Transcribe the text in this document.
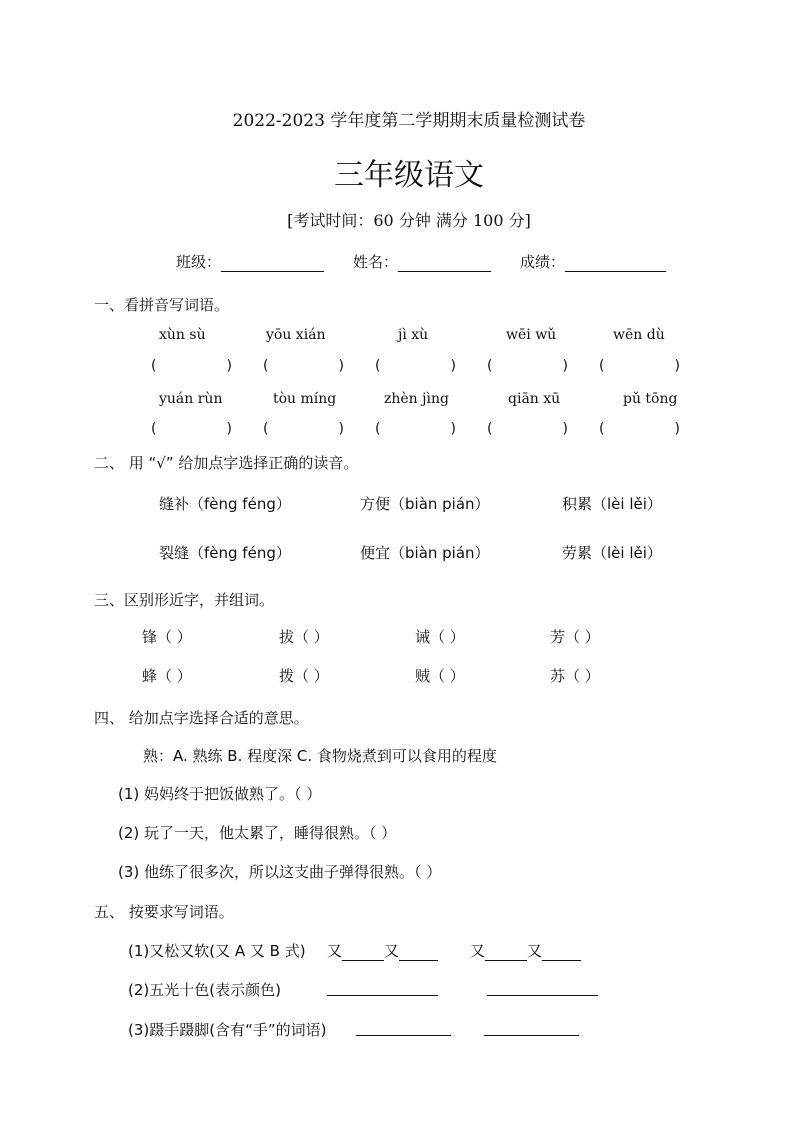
2022-2023 学年度第二学期期末质量检测试卷
三年级语文
[考试时间：60 分钟 满分 100 分]
班级：	姓名：	成绩：
一、看拼音写词语。
xùn sù	yōu xián	jì xù	wēi wǔ	wēn dù
(	) (	) (	) (	) (	)
yuán rùn	tòu míng	zhèn jìng	qiān xū	pǔ tōng
(	) (	) (	) (	) (	)
二、 用 “√” 给加点字选择正确的读音。
缝补（fèng féng）	方便（biàn pián）	积累（lèi lěi）
裂缝（fèng féng）	便宜（biàn pián）	劳累（lèi lěi）
三、区别形近字，并组词。
锋（ ）	拔（ ）	诫（ ）	芳（ ）
蜂（ ）	拨（ ）	贼（ ）	苏（ ）
四、 给加点字选择合适的意思。
熟：A. 熟练 B. 程度深 C. 食物烧煮到可以食用的程度
(1) 妈妈终于把饭做熟了。（ ）
(2) 玩了一天，他太累了，睡得很熟。（ ）
(3) 他练了很多次，所以这支曲子弹得很熟。（ ）
五、 按要求写词语。
(1)又松又软(又 A 又 B 式) 又	又	又	又
(2)五光十色(表示颜色)
(3)蹑手蹑脚(含有“手”的词语)
